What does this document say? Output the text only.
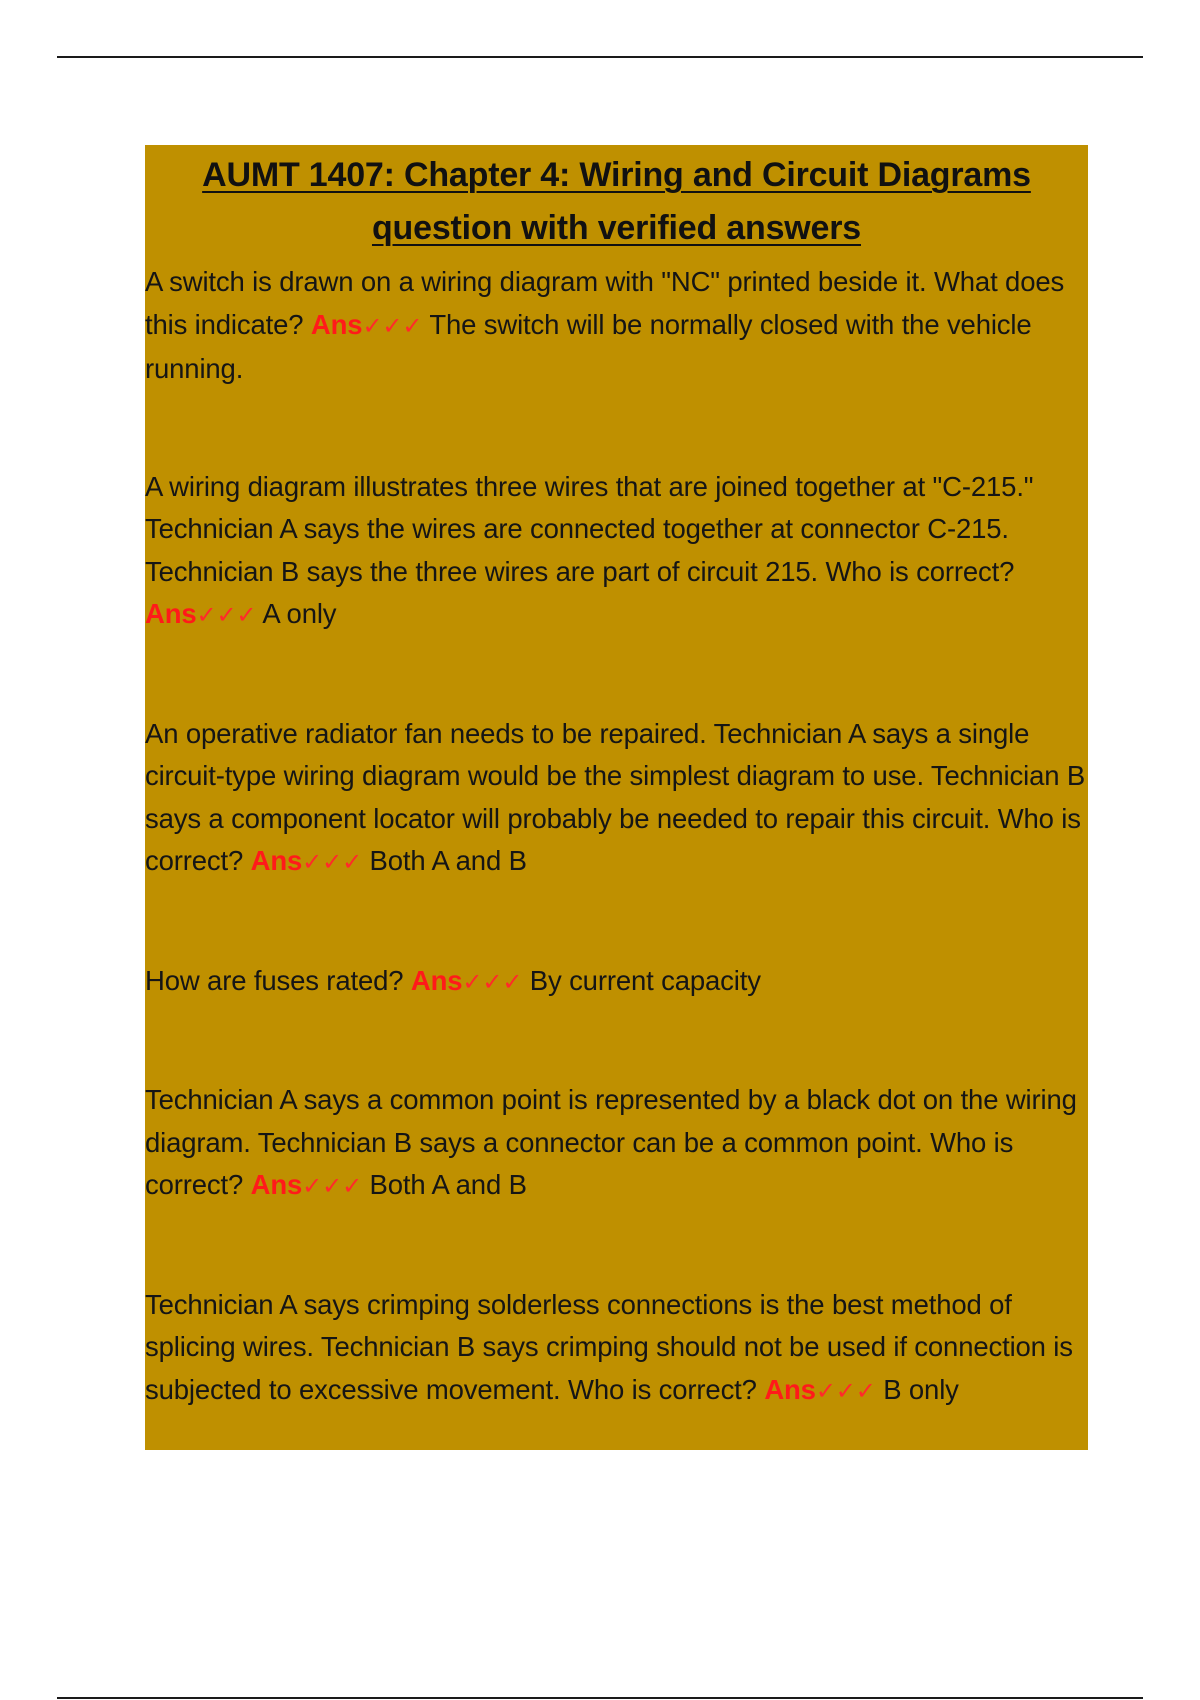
AUMT 1407: Chapter 4: Wiring and Circuit Diagrams
question with verified answers

A switch is drawn on a wiring diagram with "NC" printed beside it. What does this indicate? Ans✓✓✓ The switch will be normally closed with the vehicle running.

A wiring diagram illustrates three wires that are joined together at "C-215." Technician A says the wires are connected together at connector C-215. Technician B says the three wires are part of circuit 215. Who is correct? Ans✓✓✓ A only

An operative radiator fan needs to be repaired. Technician A says a single circuit-type wiring diagram would be the simplest diagram to use. Technician B says a component locator will probably be needed to repair this circuit. Who is correct? Ans✓✓✓ Both A and B

How are fuses rated? Ans✓✓✓ By current capacity

Technician A says a common point is represented by a black dot on the wiring diagram. Technician B says a connector can be a common point. Who is correct? Ans✓✓✓ Both A and B

Technician A says crimping solderless connections is the best method of splicing wires. Technician B says crimping should not be used if connection is subjected to excessive movement. Who is correct? Ans✓✓✓ B only
